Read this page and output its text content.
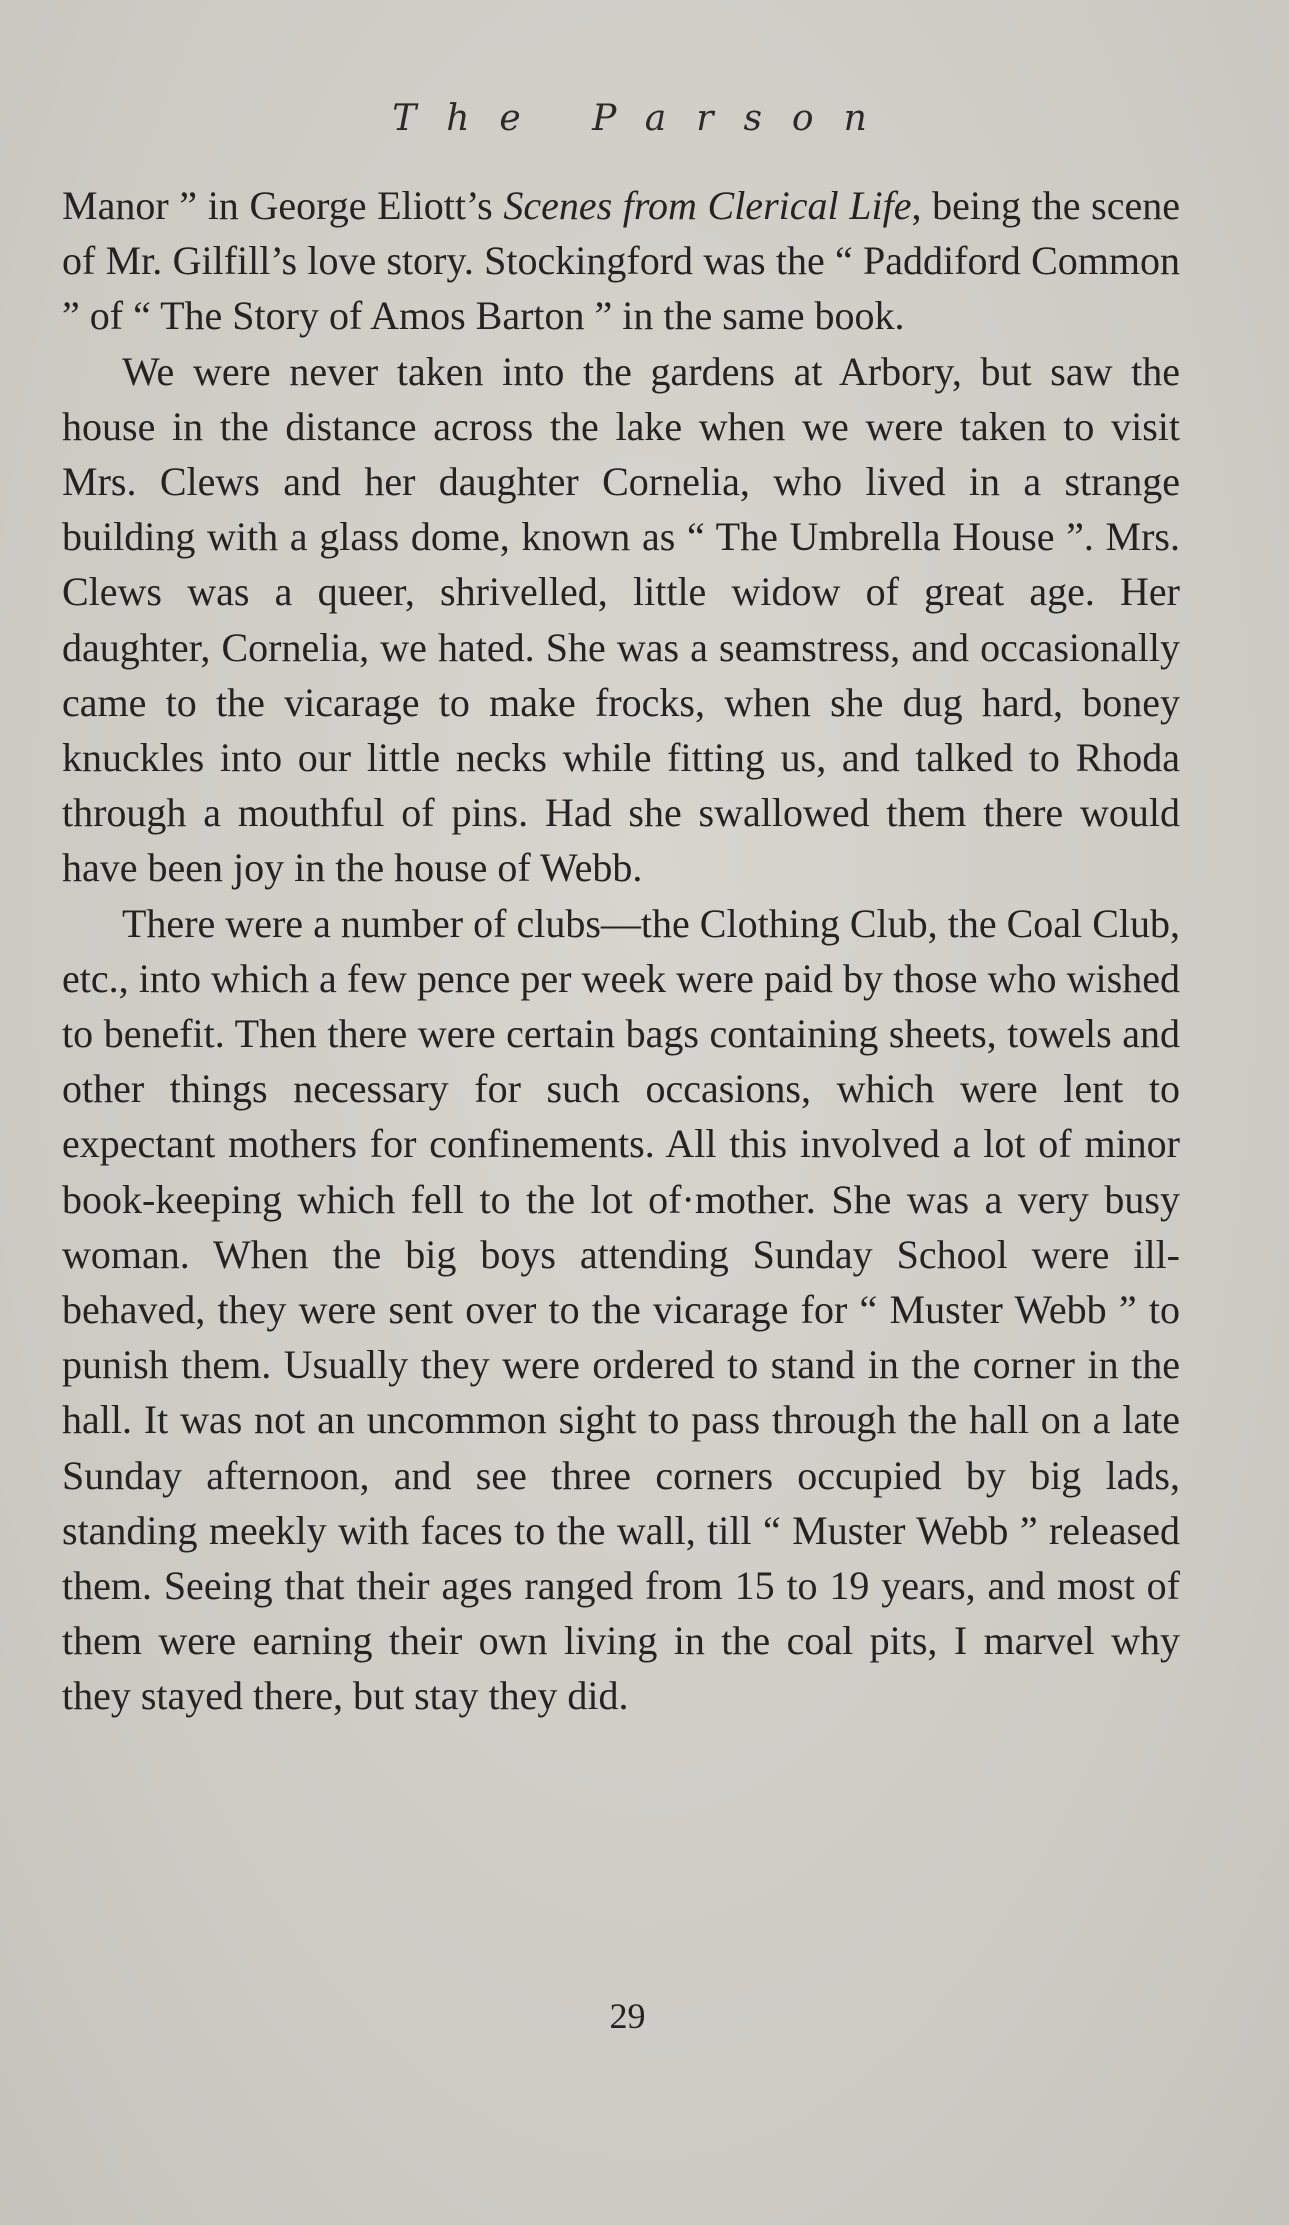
The Parson

Manor ” in George Eliott’s Scenes from Clerical Life, being the scene of Mr. Gilfill’s love story. Stockingford was the “ Paddiford Common ” of “ The Story of Amos Barton ” in the same book.

We were never taken into the gardens at Arbory, but saw the house in the distance across the lake when we were taken to visit Mrs. Clews and her daughter Cornelia, who lived in a strange building with a glass dome, known as “ The Umbrella House ”. Mrs. Clews was a queer, shrivelled, little widow of great age. Her daughter, Cornelia, we hated. She was a seamstress, and occasionally came to the vicarage to make frocks, when she dug hard, boney knuckles into our little necks while fitting us, and talked to Rhoda through a mouthful of pins. Had she swallowed them there would have been joy in the house of Webb.

There were a number of clubs—the Clothing Club, the Coal Club, etc., into which a few pence per week were paid by those who wished to benefit. Then there were certain bags containing sheets, towels and other things necessary for such occasions, which were lent to expectant mothers for confinements. All this involved a lot of minor book-keeping which fell to the lot of·mother. She was a very busy woman. When the big boys attending Sunday School were ill-behaved, they were sent over to the vicarage for “ Muster Webb ” to punish them. Usually they were ordered to stand in the corner in the hall. It was not an uncommon sight to pass through the hall on a late Sunday afternoon, and see three corners occupied by big lads, standing meekly with faces to the wall, till “ Muster Webb ” released them. Seeing that their ages ranged from 15 to 19 years, and most of them were earning their own living in the coal pits, I marvel why they stayed there, but stay they did.

29
